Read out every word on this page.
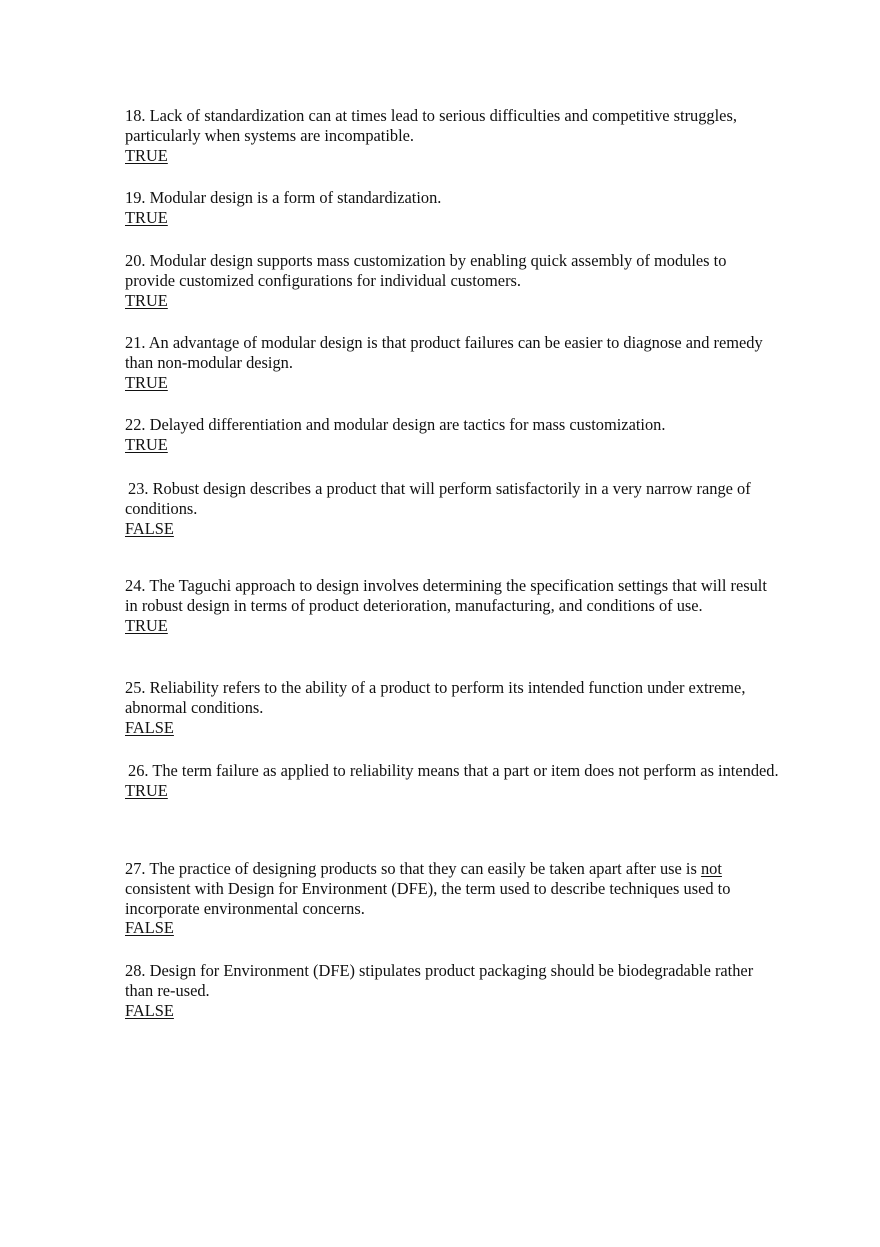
18. Lack of standardization can at times lead to serious difficulties and competitive struggles, particularly when systems are incompatible.
TRUE
19. Modular design is a form of standardization.
TRUE
20. Modular design supports mass customization by enabling quick assembly of modules to provide customized configurations for individual customers.
TRUE
21. An advantage of modular design is that product failures can be easier to diagnose and remedy than non-modular design.
TRUE
22. Delayed differentiation and modular design are tactics for mass customization.
TRUE
23. Robust design describes a product that will perform satisfactorily in a very narrow range of conditions.
FALSE
24. The Taguchi approach to design involves determining the specification settings that will result in robust design in terms of product deterioration, manufacturing, and conditions of use.
TRUE
25. Reliability refers to the ability of a product to perform its intended function under extreme, abnormal conditions.
FALSE
26. The term failure as applied to reliability means that a part or item does not perform as intended.
TRUE
27. The practice of designing products so that they can easily be taken apart after use is not consistent with Design for Environment (DFE), the term used to describe techniques used to incorporate environmental concerns.
FALSE
28. Design for Environment (DFE) stipulates product packaging should be biodegradable rather than re-used.
FALSE
